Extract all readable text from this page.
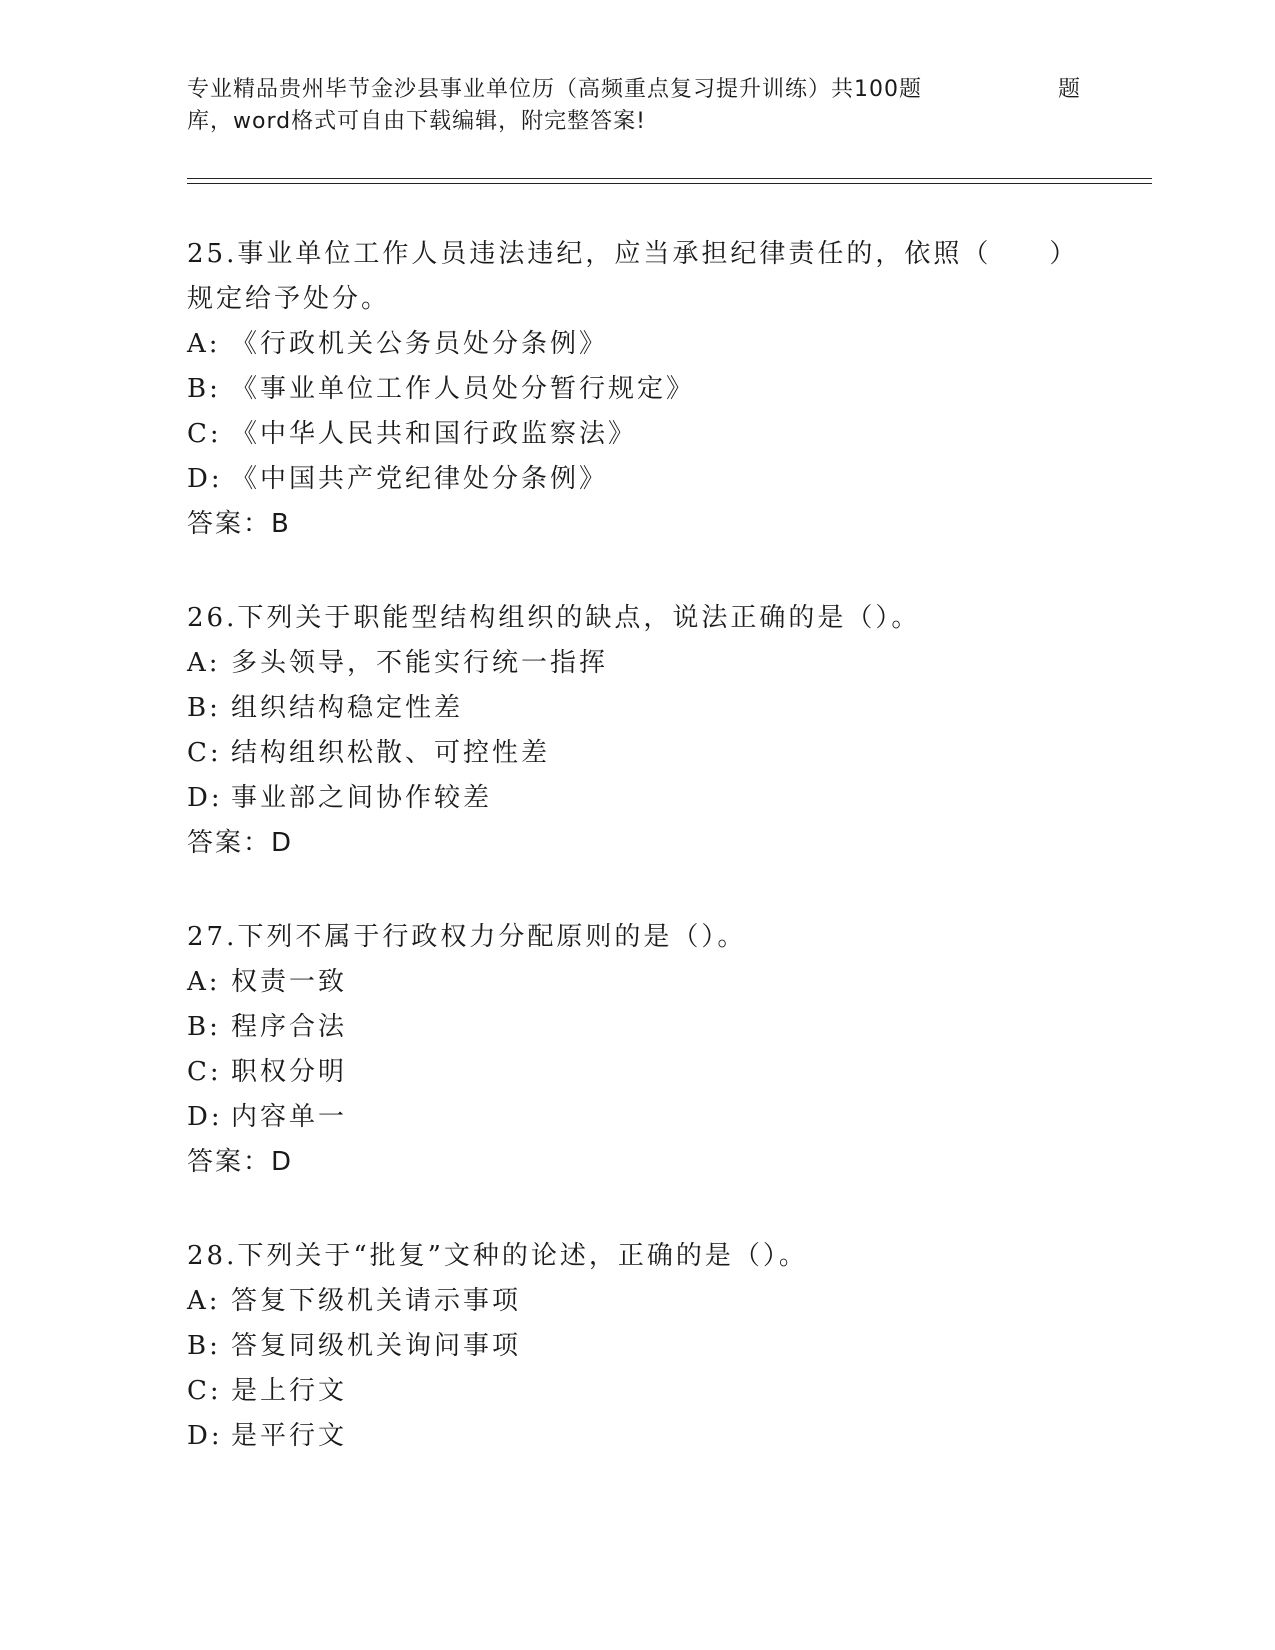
专业精品贵州毕节金沙县事业单位历（高频重点复习提升训练）共100题	题
库，word格式可自由下载编辑，附完整答案!
25.事业单位工作人员违法违纪，应当承担纪律责任的，依照（　　）
规定给予处分。
A: 《行政机关公务员处分条例》
B: 《事业单位工作人员处分暂行规定》
C: 《中华人民共和国行政监察法》
D: 《中国共产党纪律处分条例》
答案：B
26.下列关于职能型结构组织的缺点，说法正确的是（）。
A: 多头领导，不能实行统一指挥
B: 组织结构稳定性差
C: 结构组织松散、可控性差
D: 事业部之间协作较差
答案：D
27.下列不属于行政权力分配原则的是（）。
A: 权责一致
B: 程序合法
C: 职权分明
D: 内容单一
答案：D
28.下列关于“批复”文种的论述，正确的是（）。
A: 答复下级机关请示事项
B: 答复同级机关询问事项
C: 是上行文
D: 是平行文
